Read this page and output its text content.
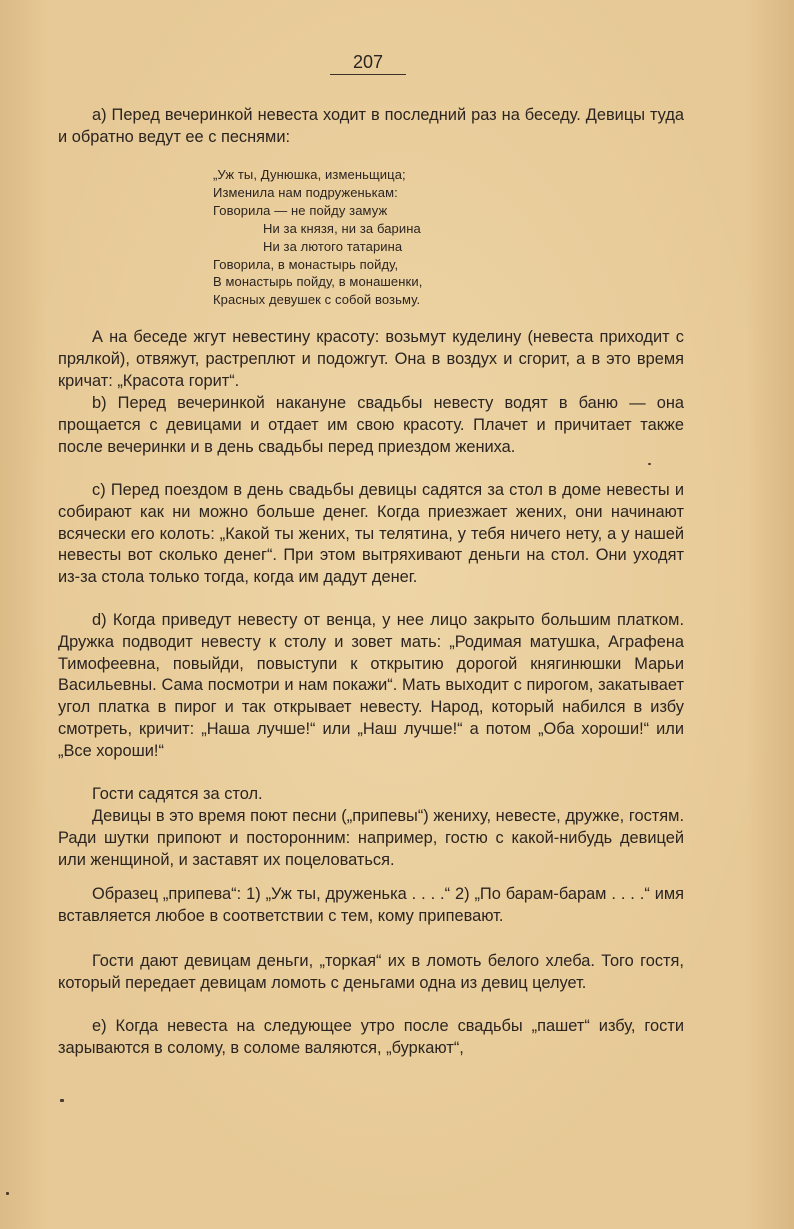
207
a) Перед вечеринкой невеста ходит в последний раз на беседу. Девицы туда и обратно ведут ее с песнями:
„Уж ты, Дунюшка, изменьщица;
Изменила нам подруженькам:
Говорила — не пойду замуж
Ни за князя, ни за барина
Ни за лютого татарина
Говорила, в монастырь пойду,
В монастырь пойду, в монашенки,
Красных девушек с собой возьму.
А на беседе жгут невестину красоту: возьмут куделину (невеста приходит с прялкой), отвяжут, растреплют и подожгут. Она в воздух и сгорит, а в это время кричат: „Красота горит“.
b) Перед вечеринкой накануне свадьбы невесту водят в баню — она прощается с девицами и отдает им свою красоту. Плачет и причитает также после вечеринки и в день свадьбы перед приездом жениха.
c) Перед поездом в день свадьбы девицы садятся за стол в доме невесты и собирают как ни можно больше денег. Когда приезжает жених, они начинают всячески его колоть: „Какой ты жених, ты телятина, у тебя ничего нету, а у нашей невесты вот сколько денег“. При этом вытряхивают деньги на стол. Они уходят из-за стола только тогда, когда им дадут денег.
d) Когда приведут невесту от венца, у нее лицо закрыто большим платком. Дружка подводит невесту к столу и зовет мать: „Родимая матушка, Аграфена Тимофеевна, повыйди, повыступи к открытию дорогой княгинюшки Марьи Васильевны. Сама посмотри и нам покажи“. Мать выходит с пирогом, закатывает угол платка в пирог и так открывает невесту. Народ, который набился в избу смотреть, кричит: „Наша лучше!“ или „Наш лучше!“ а потом „Оба хороши!“ или „Все хороши!“
Гости садятся за стол.
Девицы в это время поют песни („припевы“) жениху, невесте, дружке, гостям. Ради шутки припоют и посторонним: например, гостю с какой-нибудь девицей или женщиной, и заставят их поцеловаться.
Образец „припева“: 1) „Уж ты, друженька . . . .“ 2) „По барам-барам . . . .“ имя вставляется любое в соответствии с тем, кому припевают.
Гости дают девицам деньги, „торкая“ их в ломоть белого хлеба. Того гостя, который передает девицам ломоть с деньгами одна из девиц целует.
e) Когда невеста на следующее утро после свадьбы „пашет“ избу, гости зарываются в солому, в соломе валяются, „буркают“,
